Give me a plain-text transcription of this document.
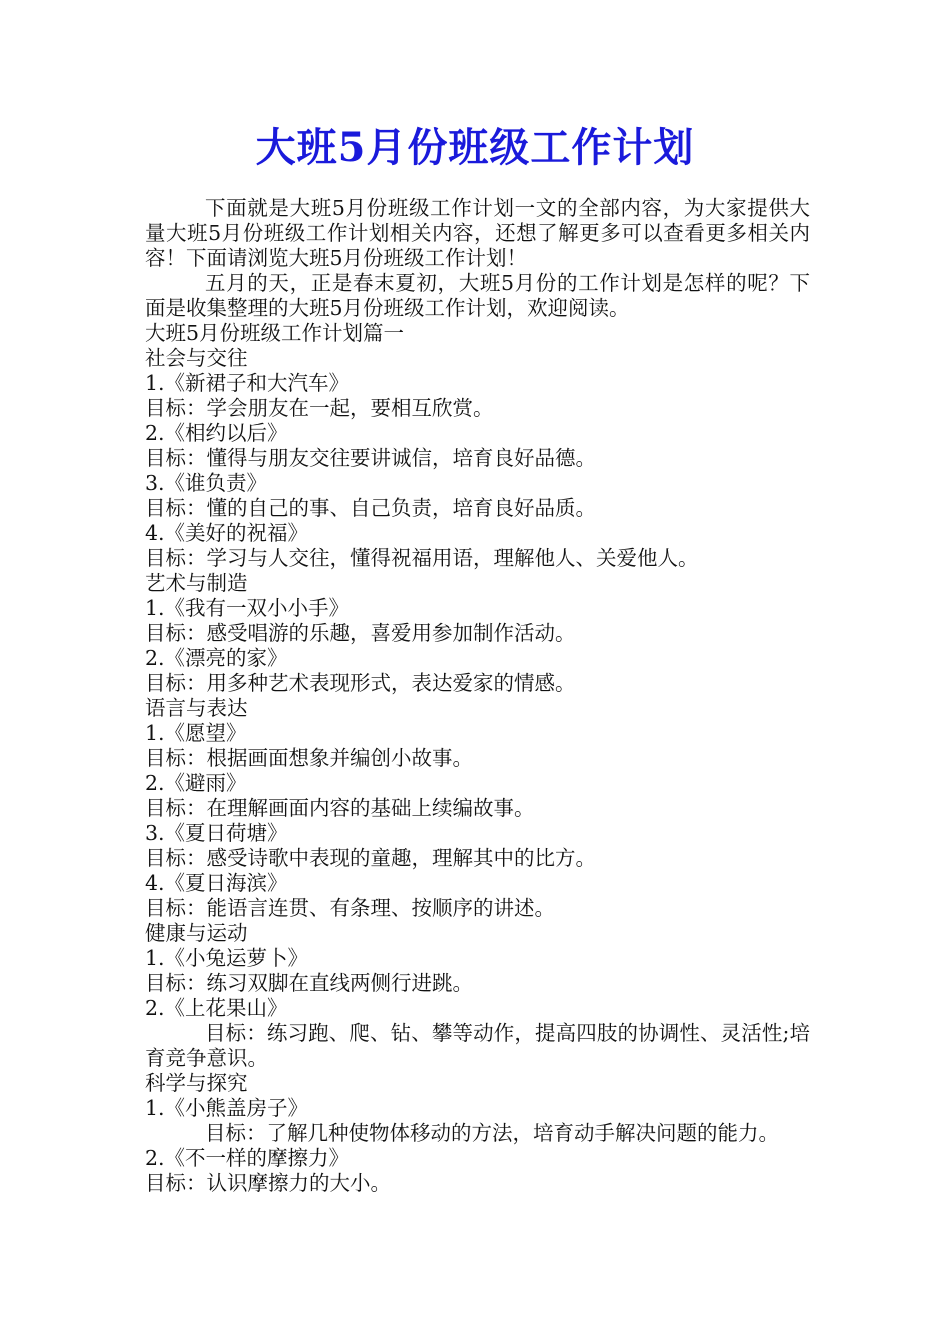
大班5月份班级工作计划

下面就是大班5月份班级工作计划一文的全部内容，为大家提供大量大班5月份班级工作计划相关内容，还想了解更多可以查看更多相关内容！下面请浏览大班5月份班级工作计划！

五月的天，正是春末夏初，大班5月份的工作计划是怎样的呢？下面是收集整理的大班5月份班级工作计划，欢迎阅读。

大班5月份班级工作计划篇一

社会与交往

1.《新裙子和大汽车》

目标：学会朋友在一起，要相互欣赏。

2.《相约以后》

目标：懂得与朋友交往要讲诚信，培育良好品德。

3.《谁负责》

目标：懂的自己的事、自己负责，培育良好品质。

4.《美好的祝福》

目标：学习与人交往，懂得祝福用语，理解他人、关爱他人。

艺术与制造

1.《我有一双小小手》

目标：感受唱游的乐趣，喜爱用参加制作活动。

2.《漂亮的家》

目标：用多种艺术表现形式，表达爱家的情感。

语言与表达

1.《愿望》

目标：根据画面想象并编创小故事。

2.《避雨》

目标：在理解画面内容的基础上续编故事。

3.《夏日荷塘》

目标：感受诗歌中表现的童趣，理解其中的比方。

4.《夏日海滨》

目标：能语言连贯、有条理、按顺序的讲述。

健康与运动

1.《小兔运萝卜》

目标：练习双脚在直线两侧行进跳。

2.《上花果山》

目标：练习跑、爬、钻、攀等动作，提高四肢的协调性、灵活性;培育竞争意识。

科学与探究

1.《小熊盖房子》

目标：了解几种使物体移动的方法，培育动手解决问题的能力。

2.《不一样的摩擦力》

目标：认识摩擦力的大小。
